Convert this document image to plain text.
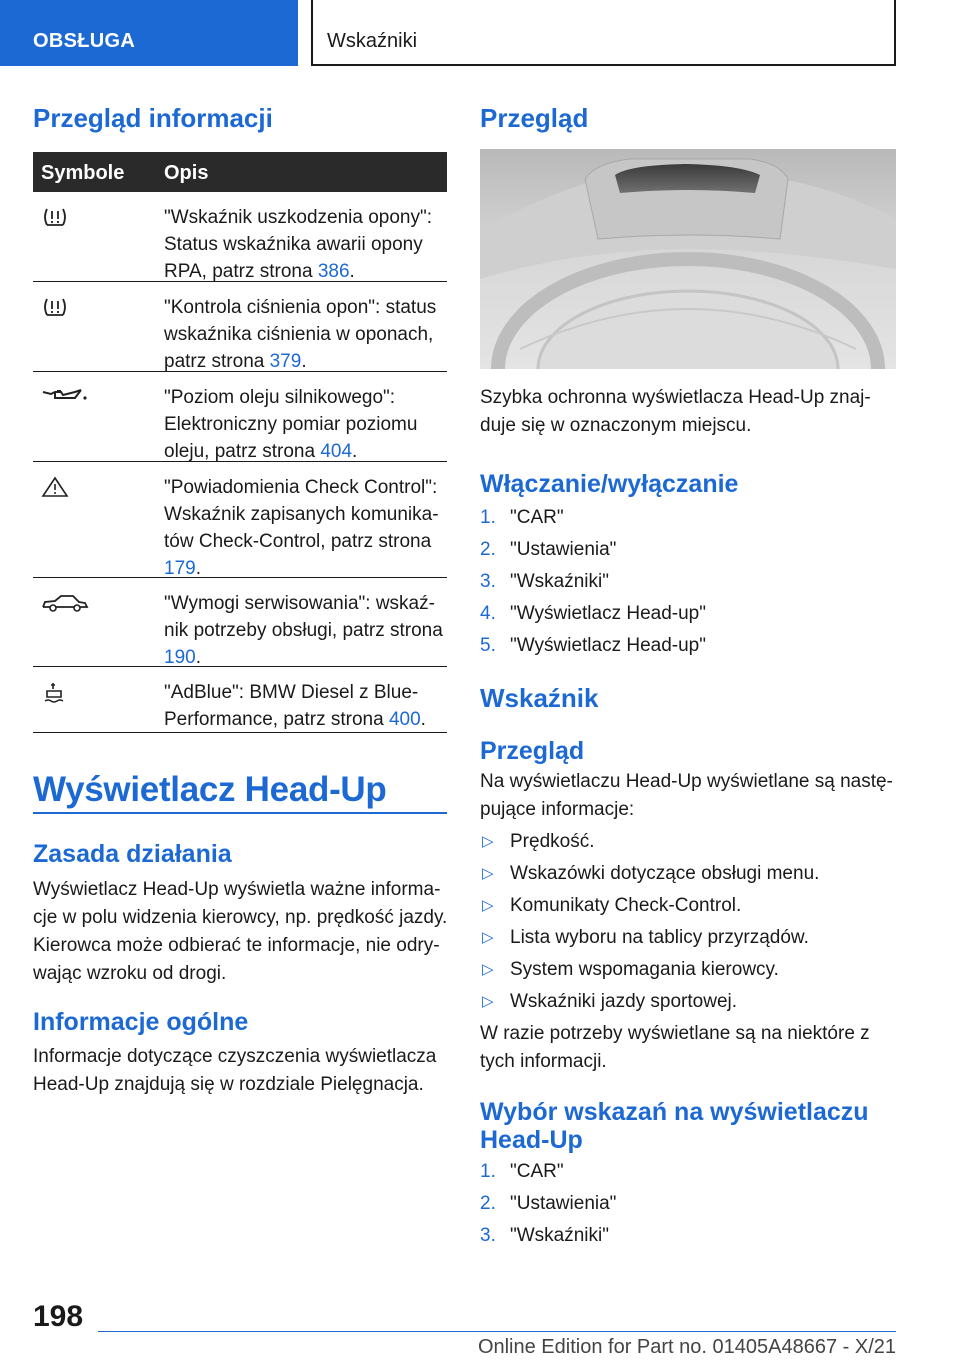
OBSŁUGA	Wskaźniki
Przegląd informacji
Symbole Opis
"Wskaźnik uszkodzenia opony": Status wskaźnika awarii opony RPA, patrz strona 386.
"Kontrola ciśnienia opon": status wskaźnika ciśnienia w oponach, patrz strona 379.
"Poziom oleju silnikowego": Elektroniczny pomiar poziomu oleju, patrz strona 404.
"Powiadomienia Check Control": Wskaźnik zapisanych komunika-tów Check-Control, patrz strona 179.
"Wymogi serwisowania": wskaź-nik potrzeby obsługi, patrz strona 190.
"AdBlue": BMW Diesel z Blue-Performance, patrz strona 400.
Wyświetlacz Head-Up
Zasada działania

Wyświetlacz Head-Up wyświetla ważne informa-cje w polu widzenia kierowcy, np. prędkość jazdy.

Kierowca może odbierać te informacje, nie odry-wając wzroku od drogi.

Informacje ogólne

Informacje dotyczące czyszczenia wyświetlacza Head-Up znajdują się w rozdziale Pielęgnacja.

Przegląd

Szybka ochronna wyświetlacza Head-Up znaj-duje się w oznaczonym miejscu.

Włączanie/wyłączanie
1. "CAR"
2. "Ustawienia"
3. "Wskaźniki"
4. "Wyświetlacz Head-up"
5. "Wyświetlacz Head-up"
Wskaźnik
Przegląd

Na wyświetlaczu Head-Up wyświetlane są nastę-pujące informacje:

▷ Prędkość.
▷ Wskazówki dotyczące obsługi menu.
▷ Komunikaty Check-Control.
▷ Lista wyboru na tablicy przyrządów.
▷ System wspomagania kierowcy.
▷ Wskaźniki jazdy sportowej.

W razie potrzeby wyświetlane są na niektóre z tych informacji.

Wybór wskazań na wyświetlaczu Head-Up
1. "CAR"
2. "Ustawienia"
3. "Wskaźniki"
198
Online Edition for Part no. 01405A48667 - X/21
